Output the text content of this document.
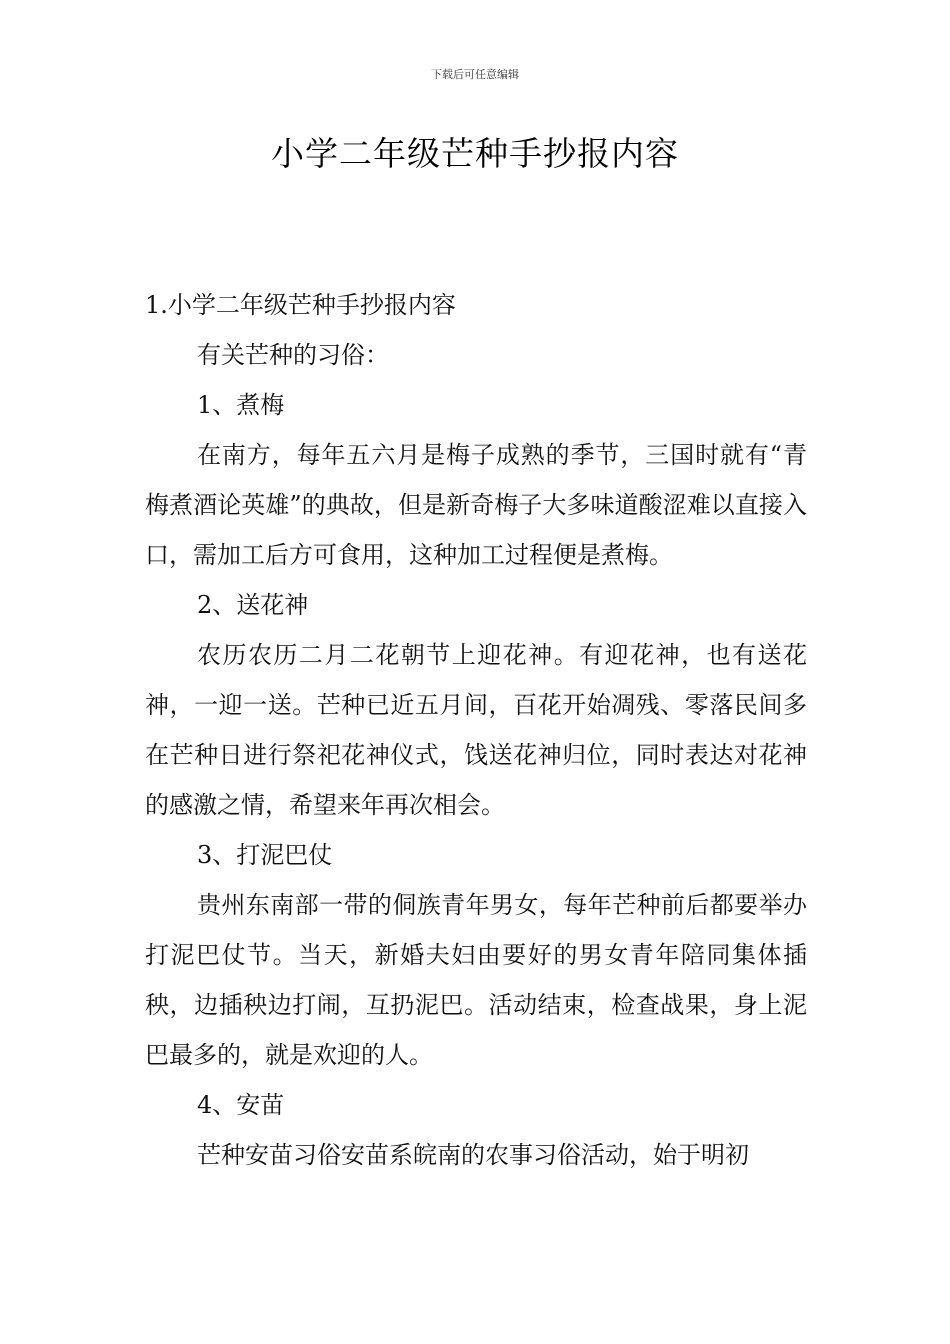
下载后可任意编辑
小学二年级芒种手抄报内容

1.小学二年级芒种手抄报内容

有关芒种的习俗：

1、煮梅

在南方，每年五六月是梅子成熟的季节，三国时就有“青梅煮酒论英雄”的典故，但是新奇梅子大多味道酸涩难以直接入口，需加工后方可食用，这种加工过程便是煮梅。

2、送花神

农历农历二月二花朝节上迎花神。有迎花神，也有送花神，一迎一送。芒种已近五月间，百花开始凋残、零落民间多在芒种日进行祭祀花神仪式，饯送花神归位，同时表达对花神的感激之情，希望来年再次相会。

3、打泥巴仗

贵州东南部一带的侗族青年男女，每年芒种前后都要举办打泥巴仗节。当天，新婚夫妇由要好的男女青年陪同集体插秧，边插秧边打闹，互扔泥巴。活动结束，检查战果，身上泥巴最多的，就是欢迎的人。

4、安苗

芒种安苗习俗安苗系皖南的农事习俗活动，始于明初
